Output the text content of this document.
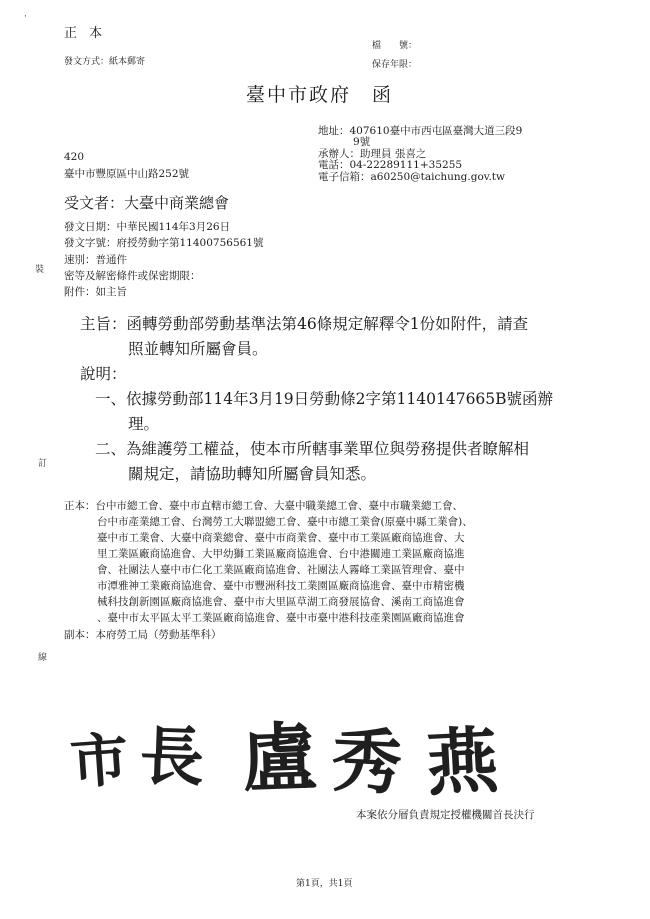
正 本
發文方式：紙本郵寄
檔　　號：
保存年限：
·
臺中市政府　函
地址：407610臺中市西屯區臺灣大道三段9
9號
承辦人：助理員 張喜之
電話：04-22289111+35255
電子信箱：a60250@taichung.gov.tw
420
臺中市豐原區中山路252號
受文者：大臺中商業總會
發文日期：中華民國114年3月26日
發文字號：府授勞動字第11400756561號
速別：普通件
密等及解密條件或保密期限：
附件：如主旨
裝
主旨：函轉勞動部勞動基準法第46條規定解釋令1份如附件，請查
照並轉知所屬會員。
說明：
一、依據勞動部114年3月19日勞動條2字第1140147665B號函辦
理。
二、為維護勞工權益，使本市所轄事業單位與勞務提供者瞭解相
關規定，請協助轉知所屬會員知悉。
訂
正本：台中市總工會、臺中市直轄市總工會、大臺中職業總工會、臺中市職業總工會、
台中市產業總工會、台灣勞工大聯盟總工會、臺中市總工業會(原臺中縣工業會)、
臺中市工業會、大臺中商業總會、臺中市商業會、臺中市工業區廠商協進會、大
里工業區廠商協進會、大甲幼獅工業區廠商協進會、台中港關連工業區廠商協進
會、社團法人臺中市仁化工業區廠商協進會、社團法人霧峰工業區管理會、臺中
市潭雅神工業廠商協進會、臺中市豐洲科技工業園區廠商協進會、臺中市精密機
械科技創新園區廠商協進會、臺中市大里區草湖工商發展協會、溪南工商協進會
、臺中市太平區太平工業區廠商協進會、臺中市臺中港科技產業園區廠商協進會
副本：本府勞工局（勞動基準科）
線
市 長 盧 秀 燕
本案依分層負責規定授權機關首長決行
第1頁，共1頁
